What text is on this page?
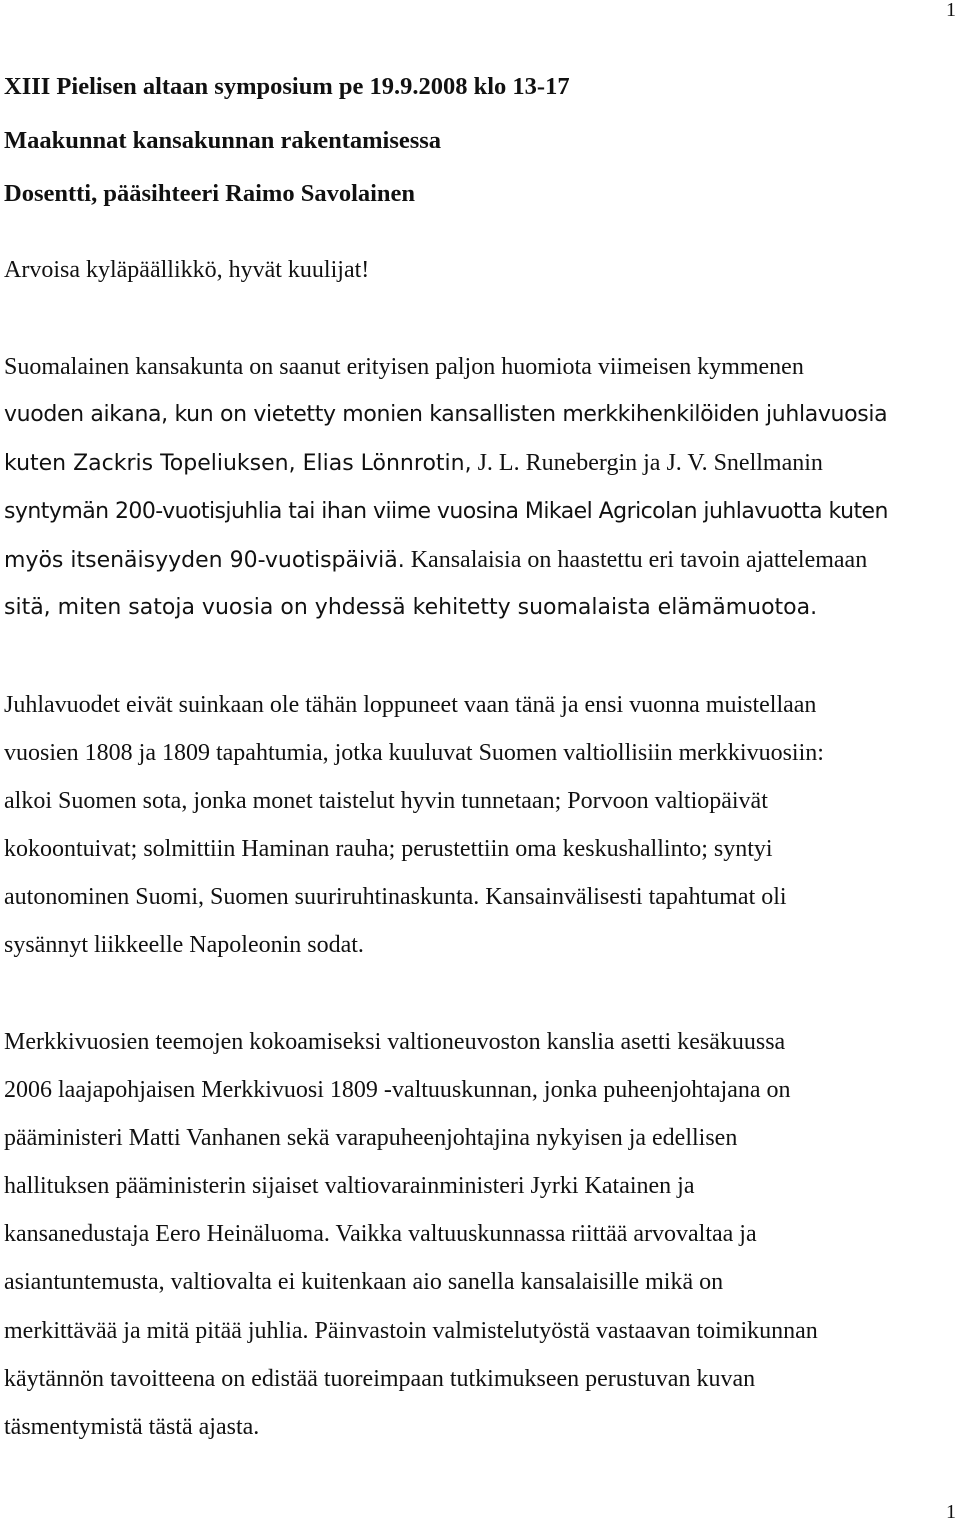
1
XIII Pielisen altaan symposium pe 19.9.2008 klo 13-17
Maakunnat kansakunnan rakentamisessa
Dosentti, pääsihteeri Raimo Savolainen
Arvoisa kyläpäällikkö, hyvät kuulijat!
Suomalainen kansakunta on saanut erityisen paljon huomiota viimeisen kymmenen
vuoden aikana, kun on vietetty monien kansallisten merkkihenkilöiden juhlavuosia
kuten Zackris Topeliuksen, Elias Lönnrotin, J. L. Runebergin ja J. V. Snellmanin
syntymän 200-vuotisjuhlia tai ihan viime vuosina Mikael Agricolan juhlavuotta kuten
myös itsenäisyyden 90-vuotispäiviä. Kansalaisia on haastettu eri tavoin ajattelemaan
sitä, miten satoja vuosia on yhdessä kehitetty suomalaista elämämuotoa.
Juhlavuodet eivät suinkaan ole tähän loppuneet vaan tänä ja ensi vuonna muistellaan
vuosien 1808 ja 1809 tapahtumia, jotka kuuluvat Suomen valtiollisiin merkkivuosiin:
alkoi Suomen sota, jonka monet taistelut hyvin tunnetaan; Porvoon valtiopäivät
kokoontuivat; solmittiin Haminan rauha; perustettiin oma keskushallinto; syntyi
autonominen Suomi, Suomen suuriruhtinaskunta. Kansainvälisesti tapahtumat oli
sysännyt liikkeelle Napoleonin sodat.
Merkkivuosien teemojen kokoamiseksi valtioneuvoston kanslia asetti kesäkuussa
2006 laajapohjaisen Merkkivuosi 1809 -valtuuskunnan, jonka puheenjohtajana on
pääministeri Matti Vanhanen sekä varapuheenjohtajina nykyisen ja edellisen
hallituksen pääministerin sijaiset valtiovarainministeri Jyrki Katainen ja
kansanedustaja Eero Heinäluoma. Vaikka valtuuskunnassa riittää arvovaltaa ja
asiantuntemusta, valtiovalta ei kuitenkaan aio sanella kansalaisille mikä on
merkittävää ja mitä pitää juhlia. Päinvastoin valmistelutyöstä vastaavan toimikunnan
käytännön tavoitteena on edistää tuoreimpaan tutkimukseen perustuvan kuvan
täsmentymistä tästä ajasta.
1
